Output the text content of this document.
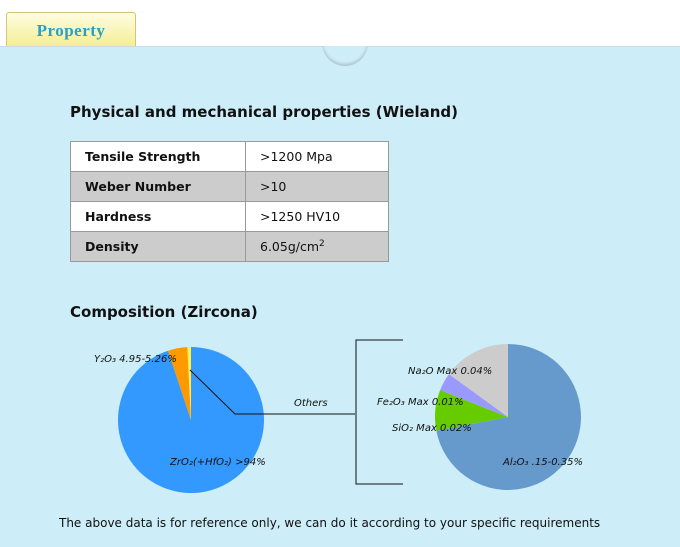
Property
Physical and mechanical properties (Wieland)
Tensile Strength	>1200 Mpa
Weber Number	>10
Hardness	>1250 HV10
Density	$6.05g/cm^2$
Composition (Zircona)
Others
Y₂O₃ 4.95-5.26%
ZrO₂(+HfO₂) >94%
Na₂O Max 0.04%
Fe₂O₃ Max 0.01%
SiO₂ Max 0.02%
Al₂O₃ .15-0.35%
The above data is for reference only, we can do it according to your specific requirements
